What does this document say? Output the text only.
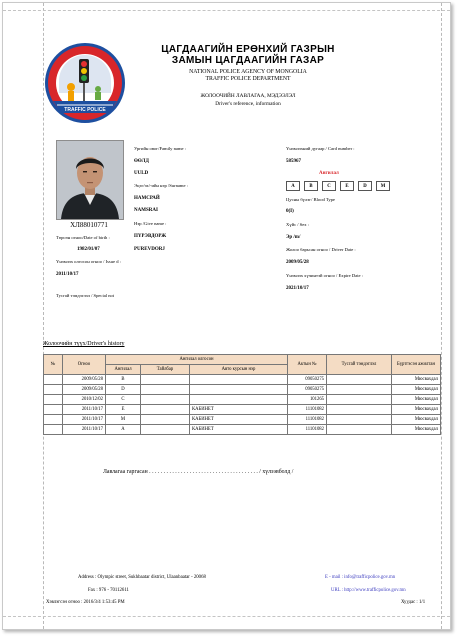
TRAFFIC POLICE
ЦАГДААГИЙН ЕРӨНХИЙ ГАЗРЫН
ЗАМЫН ЦАГДААГИЙН ГАЗАР
NATIONAL POLICE AGENCY OF MONGOLIA
TRAFFIC POLICE DEPARTMENT
ЖОЛООЧИЙН ЛАВЛАГАА, МЭДЭЭЛЭЛ
Driver's reference, information
ХЛ88010771
Ургийн овог/Family name :
ӨӨЛД
UULD
Эцэг/эх/-ийн нэр /Surname :
НАМСРАЙ
NAMSRAI
Нэр /Give name :
ПҮРЭВДОРЖ
PUREVDORJ
Төрсөн огноо/Date of birth :
1982/01/07
Үнэмлэх олгосон огноо / Issue d :
2011/10/17
Тусгай тэмдэглэл / Special not
Үнэмлэхний дугаар / Card number :
585967
Ангилал
A	B	C	E	D	M
Цусны бүлэг/ Blood Type
0(I)
Хүйс / Sex :
Эр /m/
Жолоо барьсан огноо / Driver Date :
2009/05/28
Үнэмлэх хүчинтэй огноо / Expire Date :
2021/10/17
Жолоочийн түүх/Driver's history
№	Огноо	Ангилал олгосон			Актын №	Тусгай тэмдэглэл	Бүртгэсэн ажилтан
		Ангилал	Тайлбар	Авто курсын нэр			
	2009/05/28	B			09050275		Мюсвахдал
	2009/05/28	D			09050275		Мюсвахдал
	2010/12/02	C			101265		Мюсвахдал
	2011/10/17	E		КАБИНЕТ	11101082		Мюсвахдал
	2011/10/17	M		КАБИНЕТ	11101082		Мюсвахдал
	2011/10/17	A		КАБИНЕТ	11101082		Мюсвахдал
Лавлагаа гаргасан . . . . . . . . . . . . . . . . . . . . . . . . . . . . . . . . . . . . . . / хүлээвболд /
Address : Olympic street, Sukhbaatar district, Ulaanbaatar - 20068	E - mail : info@trafficpolice.gov.mn
Fax : 976 - 70112611	URL : http://www.trafficpolice.gov.mn
Хэвлэгсэн огноо : 2016/3/4 1:53:45 PM	Хуудас : 1/1
